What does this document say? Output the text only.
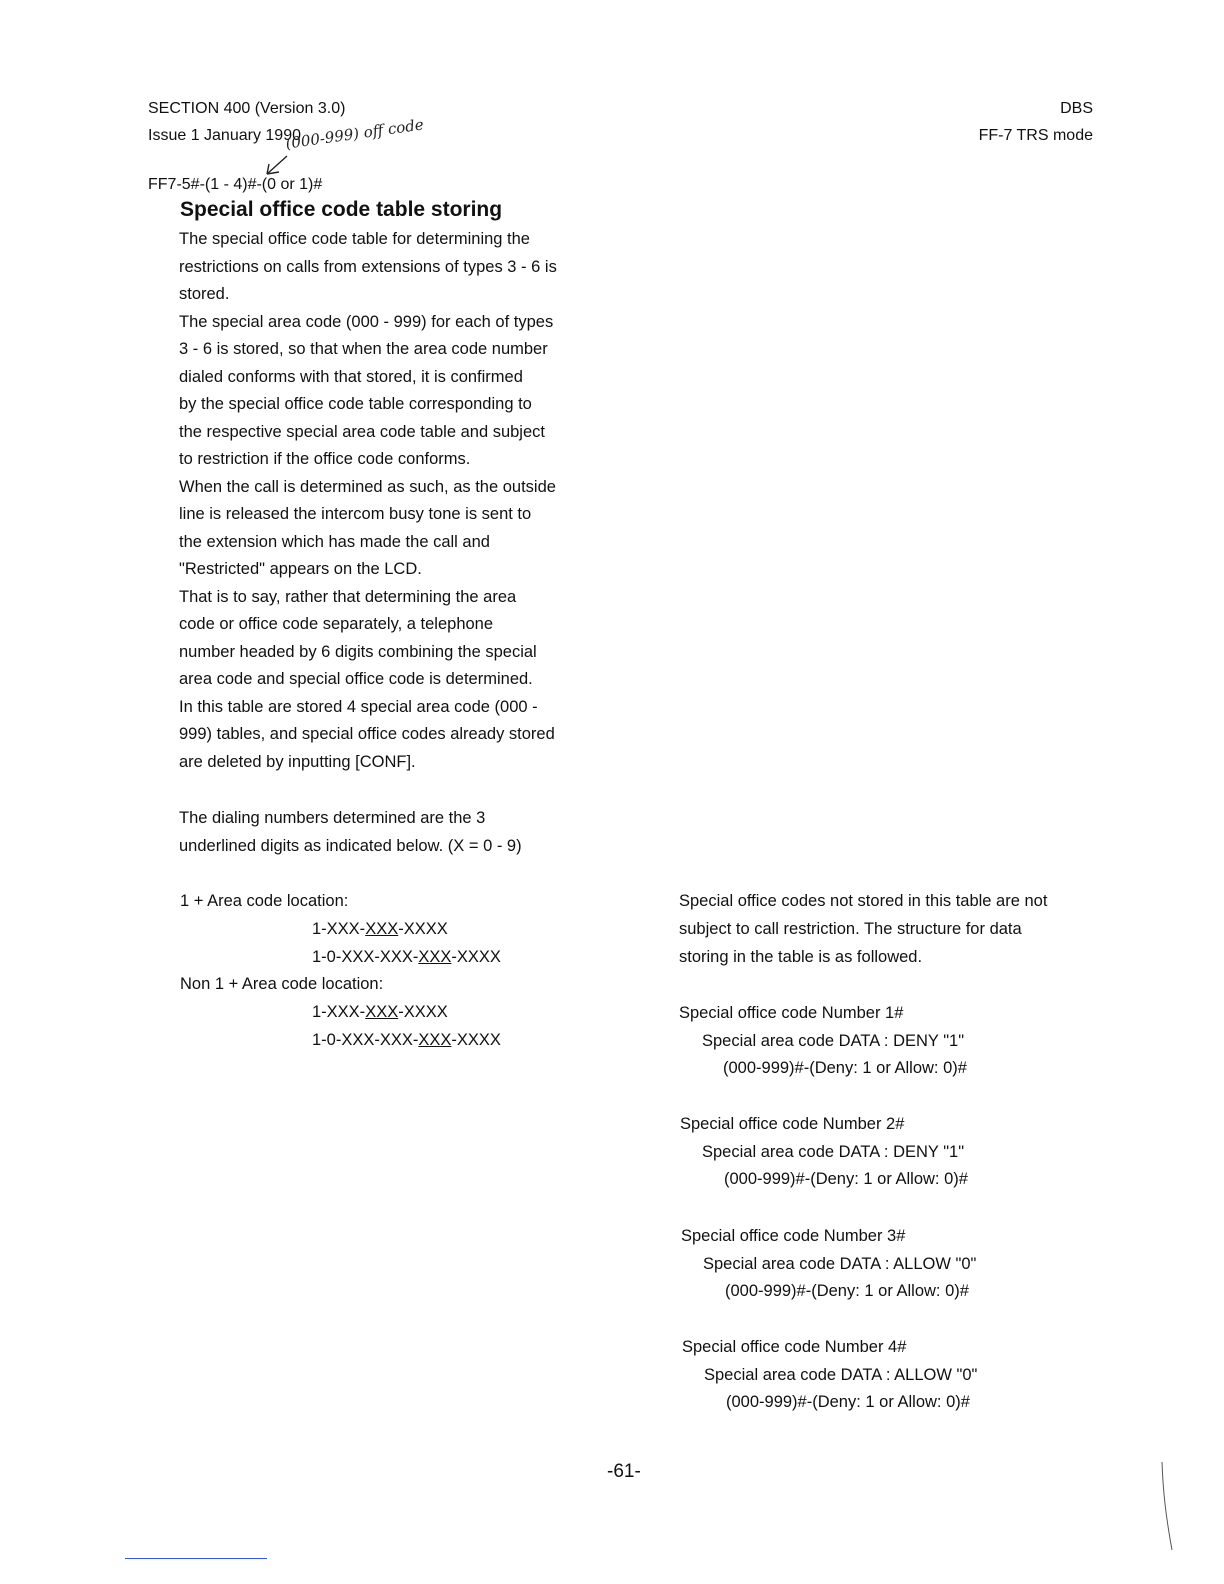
SECTION 400 (Version 3.0)
Issue 1 January 1990
DBS
FF-7 TRS mode
(000-999) off code
FF7-5#-(1 - 4)#-(0 or 1)#
Special office code table storing
The special office code table for determining the
restrictions on calls from extensions of types 3 - 6 is
stored.
The special area code (000 - 999) for each of types
3 - 6 is stored, so that when the area code number
dialed conforms with that stored, it is confirmed
by the special office code table corresponding to
the respective special area code table and subject
to restriction if the office code conforms.
When the call is determined as such, as the outside
line is released the intercom busy tone is sent to
the extension which has made the call and
"Restricted" appears on the LCD.
That is to say, rather that determining the area
code or office code separately, a telephone
number headed by 6 digits combining the special
area code and special office code is determined.
In this table are stored 4 special area code (000 -
999) tables, and special office codes already stored
are deleted by inputting [CONF].
The dialing numbers determined are the 3
underlined digits as indicated below. (X = 0 - 9)
1 + Area code location:
1-XXX-XXX-XXXX
1-0-XXX-XXX-XXX-XXXX
Non 1 + Area code location:
1-XXX-XXX-XXXX
1-0-XXX-XXX-XXX-XXXX
Special office codes not stored in this table are not
subject to call restriction. The structure for data
storing in the table is as followed.
Special office code Number 1#
Special area code DATA : DENY "1"
(000-999)#-(Deny: 1 or Allow: 0)#
Special office code Number 2#
Special area code DATA : DENY "1"
(000-999)#-(Deny: 1 or Allow: 0)#
Special office code Number 3#
Special area code DATA : ALLOW "0"
(000-999)#-(Deny: 1 or Allow: 0)#
Special office code Number 4#
Special area code DATA : ALLOW "0"
(000-999)#-(Deny: 1 or Allow: 0)#
-61-
